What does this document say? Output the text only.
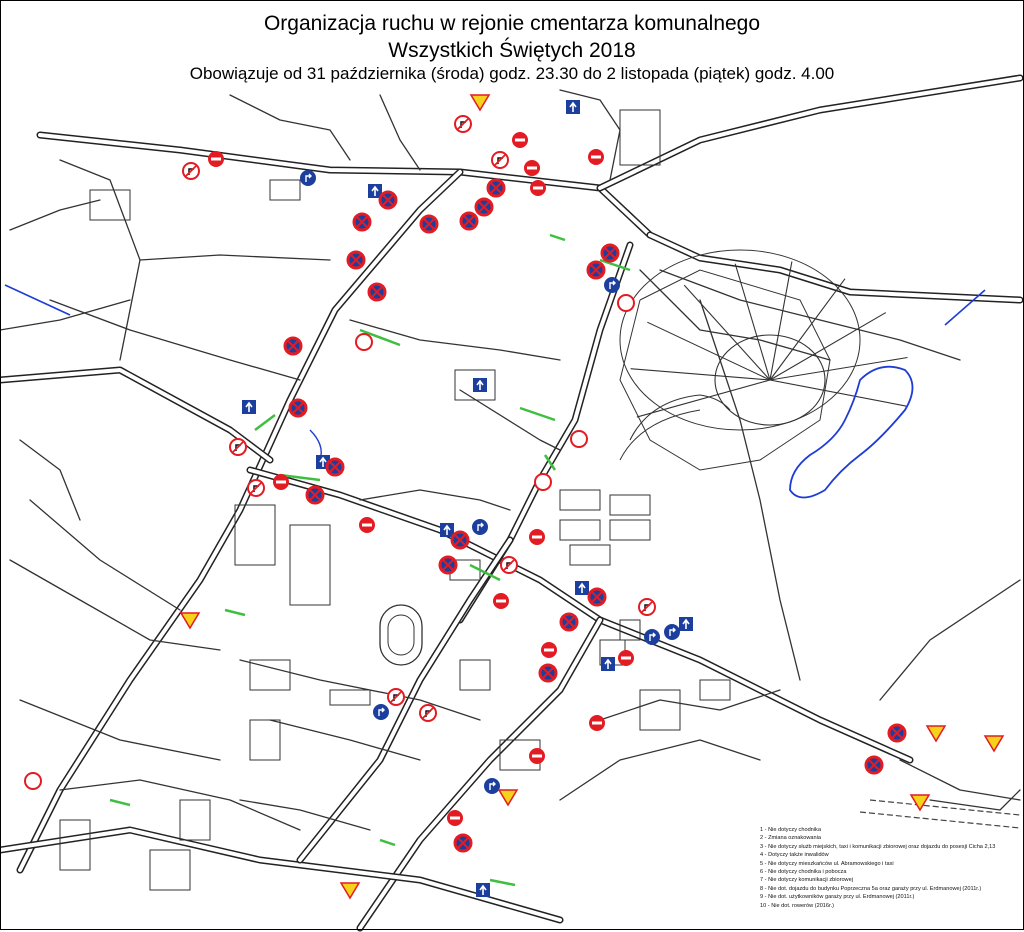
Organizacja ruchu w rejonie cmentarza komunalnego
Wszystkich Świętych 2018
Obowiązuje od 31 października (środa) godz. 23.30 do 2 listopada (piątek) godz. 4.00
1 - Nie dotyczy chodnika
2 - Zmiana oznakowania
3 - Nie dotyczy służb miejskich, taxi i komunikacji zbiorowej oraz dojazdu do posesji Cicha 2,13
4 - Dotyczy także inwalidów
5 - Nie dotyczy mieszkańców ul. Abramowskiego i taxi
6 - Nie dotyczy chodnika i pobocza
7 - Nie dotyczy komunikacji zbiorowej
8 - Nie dot. dojazdu do budynku Poprzeczna 5a oraz garaży przy ul. Erdmanowej (2011r.)
9 - Nie dot. użytkowników garaży przy ul. Erdmanowej (2011r.)
10 - Nie dot. rowerów (2016r.)
